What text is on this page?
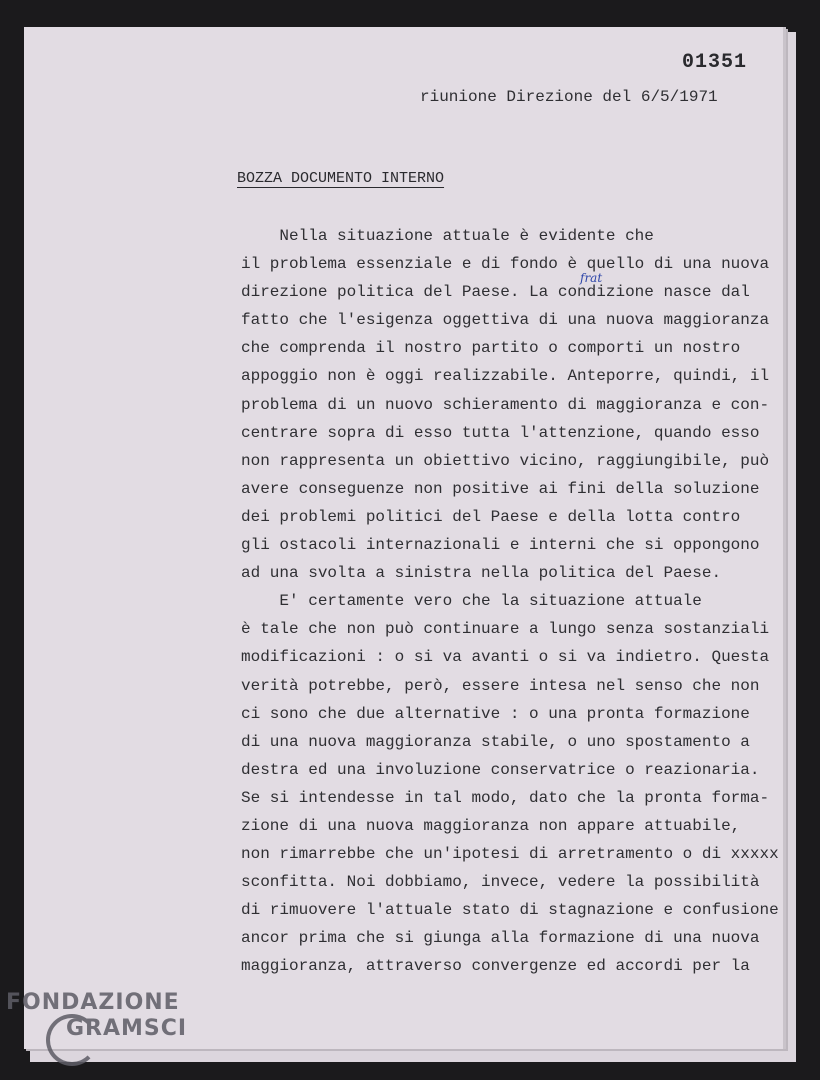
01351
riunione Direzione del 6/5/1971
BOZZA DOCUMENTO INTERNO
frat
Nella situazione attuale è evidente che
il problema essenziale e di fondo è quello di una nuova
direzione politica del Paese. La condizione nasce dal
fatto che l'esigenza oggettiva di una nuova maggioranza
che comprenda il nostro partito o comporti un nostro
appoggio non è oggi realizzabile. Anteporre, quindi, il
problema di un nuovo schieramento di maggioranza e con-
centrare sopra di esso tutta l'attenzione, quando esso
non rappresenta un obiettivo vicino, raggiungibile, può
avere conseguenze non positive ai fini della soluzione
dei problemi politici del Paese e della lotta contro
gli ostacoli internazionali e interni che si oppongono
ad una svolta a sinistra nella politica del Paese.
E' certamente vero che la situazione attuale
è tale che non può continuare a lungo senza sostanziali
modificazioni : o si va avanti o si va indietro. Questa
verità potrebbe, però, essere intesa nel senso che non
ci sono che due alternative : o una pronta formazione
di una nuova maggioranza stabile, o uno spostamento a
destra ed una involuzione conservatrice o reazionaria.
Se si intendesse in tal modo, dato che la pronta forma-
zione di una nuova maggioranza non appare attuabile,
non rimarrebbe che un'ipotesi di arretramento o di xxxxx
sconfitta. Noi dobbiamo, invece, vedere la possibilità
di rimuovere l'attuale stato di stagnazione e confusione
ancor prima che si giunga alla formazione di una nuova
maggioranza, attraverso convergenze ed accordi per la
FONDAZIONE
GRAMSCI
